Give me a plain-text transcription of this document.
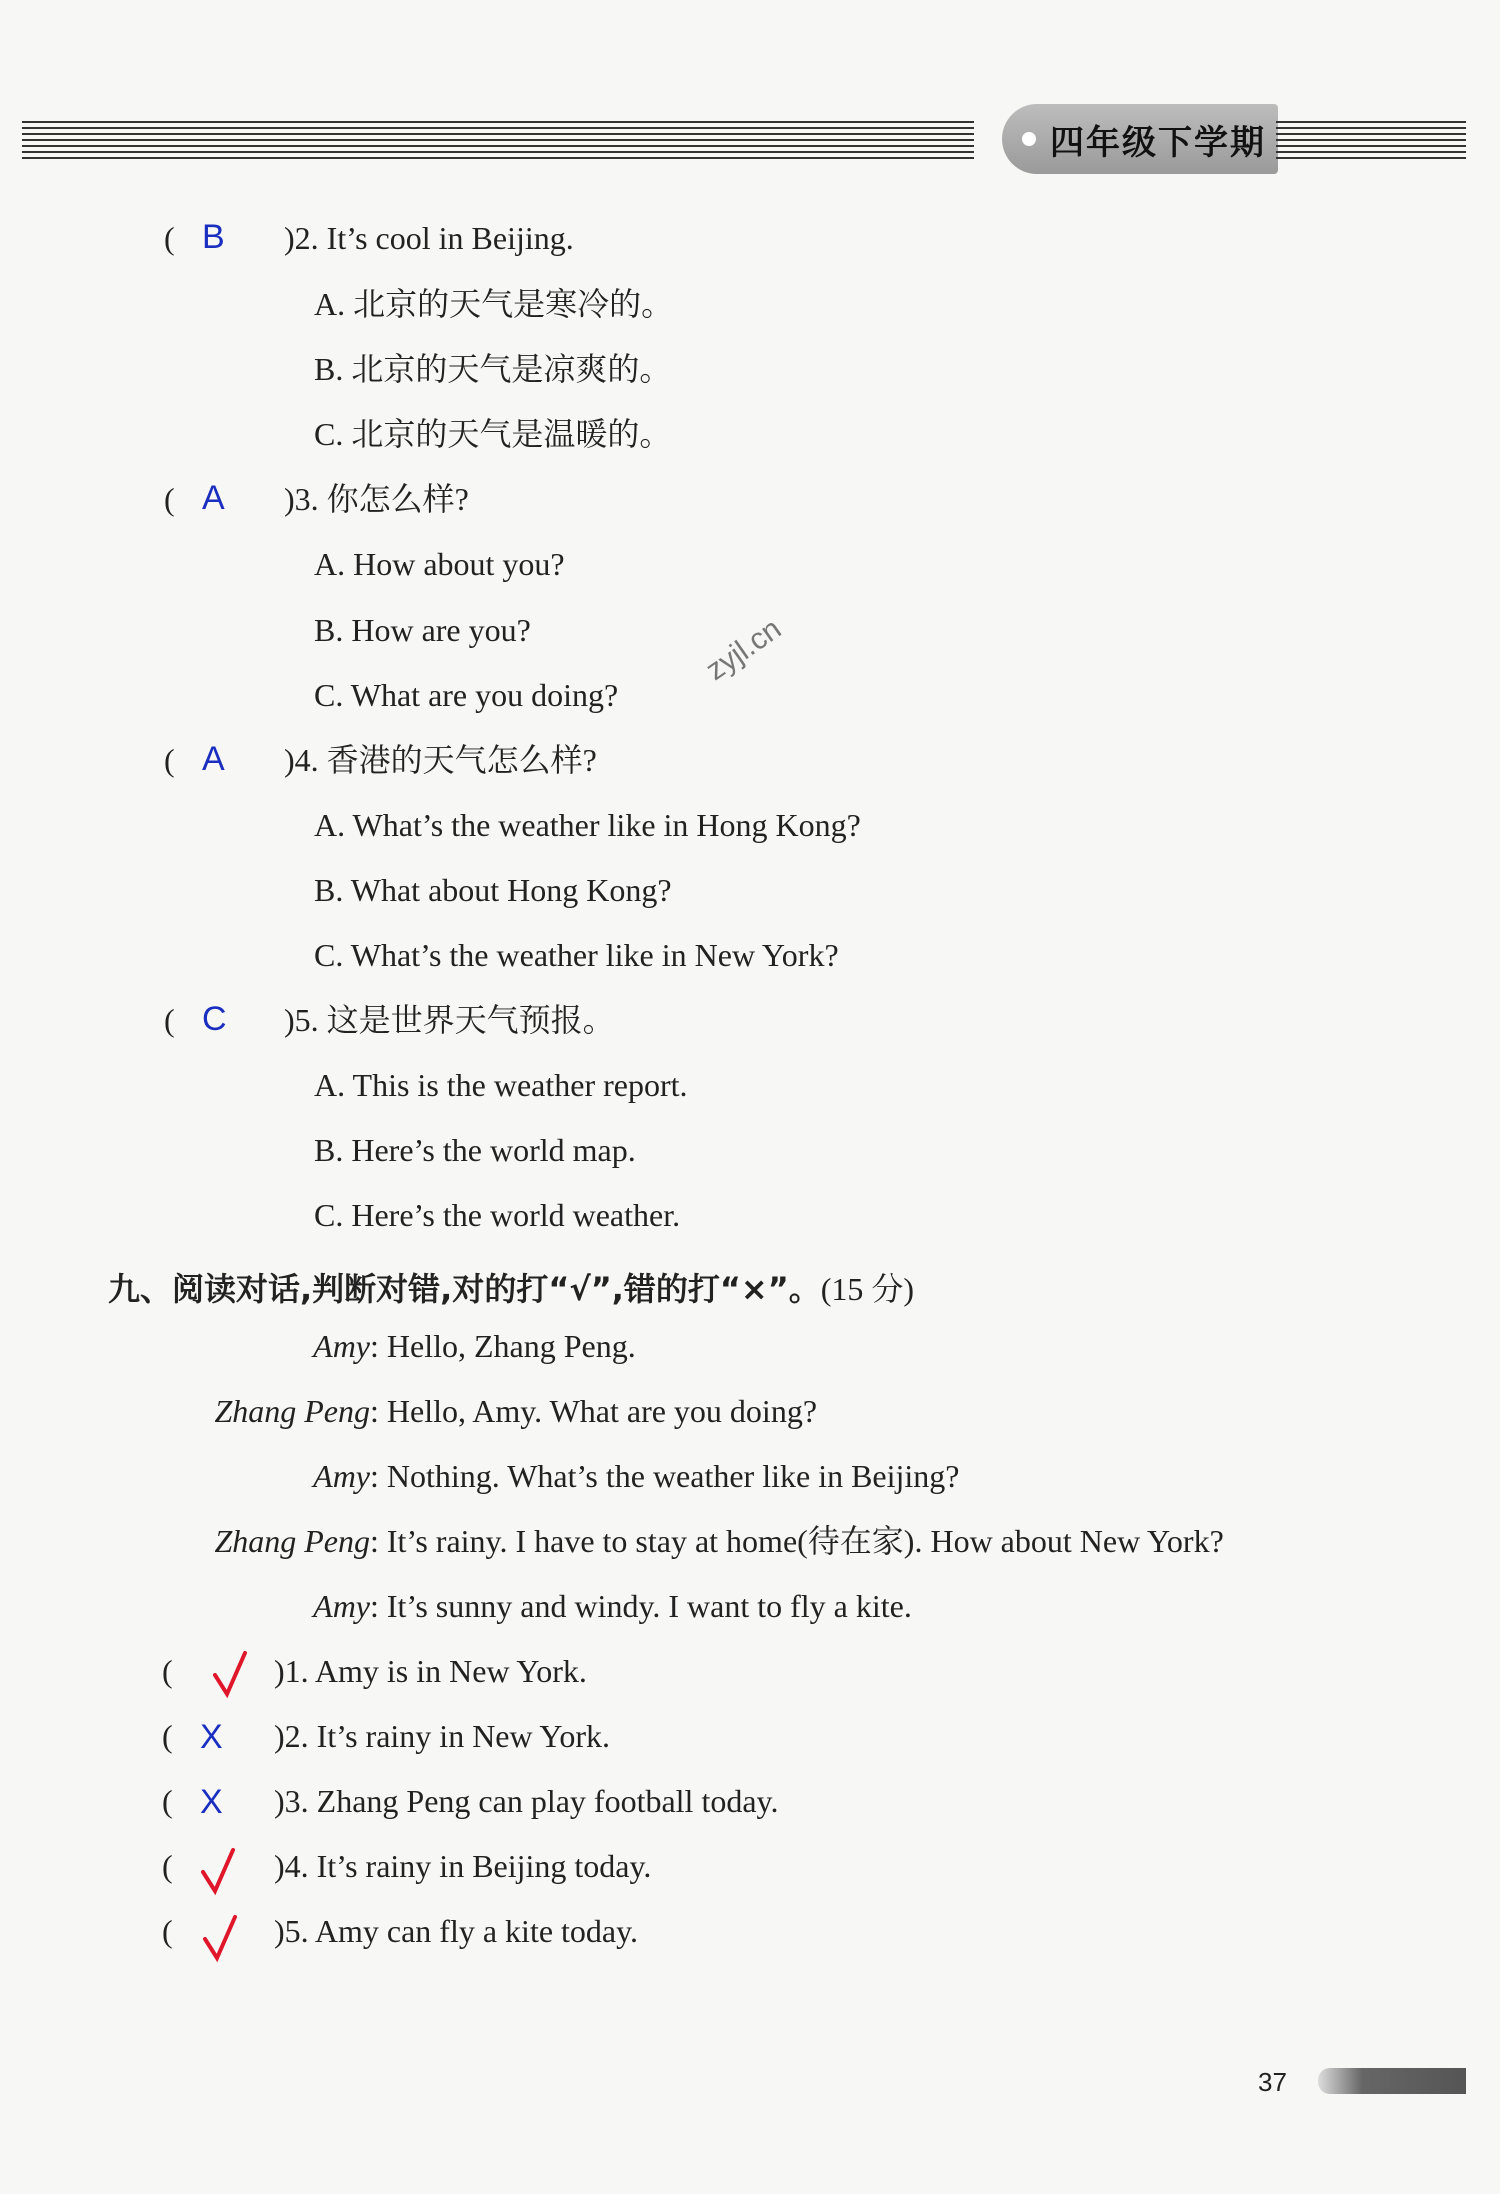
四年级下学期
( B )2. It’s cool in Beijing.
A. 北京的天气是寒冷的。
B. 北京的天气是凉爽的。
C. 北京的天气是温暖的。
( A )3. 你怎么样?
A. How about you?
B. How are you?
C. What are you doing?
zyjl.cn
( A )4. 香港的天气怎么样?
A. What’s the weather like in Hong Kong?
B. What about Hong Kong?
C. What’s the weather like in New York?
( C )5. 这是世界天气预报。
A. This is the weather report.
B. Here’s the world map.
C. Here’s the world weather.
九、阅读对话,判断对错,对的打“√”,错的打“×”。(15 分)
Amy: Hello, Zhang Peng.
Zhang Peng: Hello, Amy. What are you doing?
Amy: Nothing. What’s the weather like in Beijing?
Zhang Peng: It’s rainy. I have to stay at home(待在家). How about New York?
Amy: It’s sunny and windy. I want to fly a kite.
(	)1. Amy is in New York.
( X )2. It’s rainy in New York.
( X )3. Zhang Peng can play football today.
(	)4. It’s rainy in Beijing today.
(	)5. Amy can fly a kite today.
37
